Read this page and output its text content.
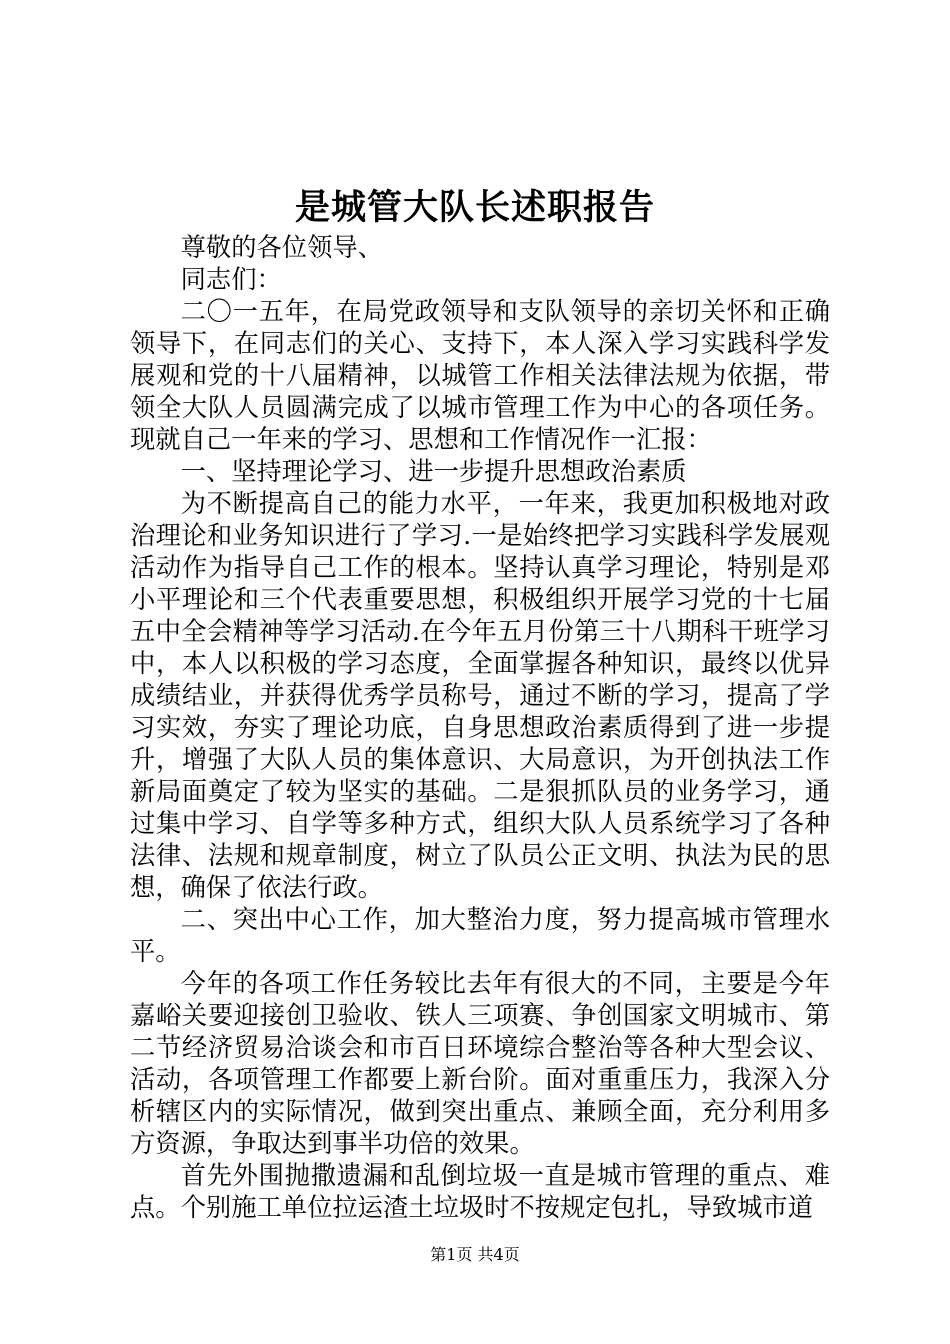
是城管大队长述职报告

尊敬的各位领导、

同志们：

二〇一五年，在局党政领导和支队领导的亲切关怀和正确领导下，在同志们的关心、支持下，本人深入学习实践科学发展观和党的十八届精神，以城管工作相关法律法规为依据，带领全大队人员圆满完成了以城市管理工作为中心的各项任务。现就自己一年来的学习、思想和工作情况作一汇报：

一、坚持理论学习、进一步提升思想政治素质

为不断提高自己的能力水平，一年来，我更加积极地对政治理论和业务知识进行了学习.一是始终把学习实践科学发展观活动作为指导自己工作的根本。坚持认真学习理论，特别是邓小平理论和三个代表重要思想，积极组织开展学习党的十七届五中全会精神等学习活动.在今年五月份第三十八期科干班学习中，本人以积极的学习态度，全面掌握各种知识，最终以优异成绩结业，并获得优秀学员称号，通过不断的学习，提高了学习实效，夯实了理论功底，自身思想政治素质得到了进一步提升，增强了大队人员的集体意识、大局意识，为开创执法工作新局面奠定了较为坚实的基础。二是狠抓队员的业务学习，通过集中学习、自学等多种方式，组织大队人员系统学习了各种法律、法规和规章制度，树立了队员公正文明、执法为民的思想，确保了依法行政。

二、突出中心工作，加大整治力度，努力提高城市管理水平。

今年的各项工作任务较比去年有很大的不同，主要是今年嘉峪关要迎接创卫验收、铁人三项赛、争创国家文明城市、第二节经济贸易洽谈会和市百日环境综合整治等各种大型会议、活动，各项管理工作都要上新台阶。面对重重压力，我深入分析辖区内的实际情况，做到突出重点、兼顾全面，充分利用多方资源，争取达到事半功倍的效果。

首先外围抛撒遗漏和乱倒垃圾一直是城市管理的重点、难点。个别施工单位拉运渣土垃圾时不按规定包扎，导致城市道

第1页 共4页
